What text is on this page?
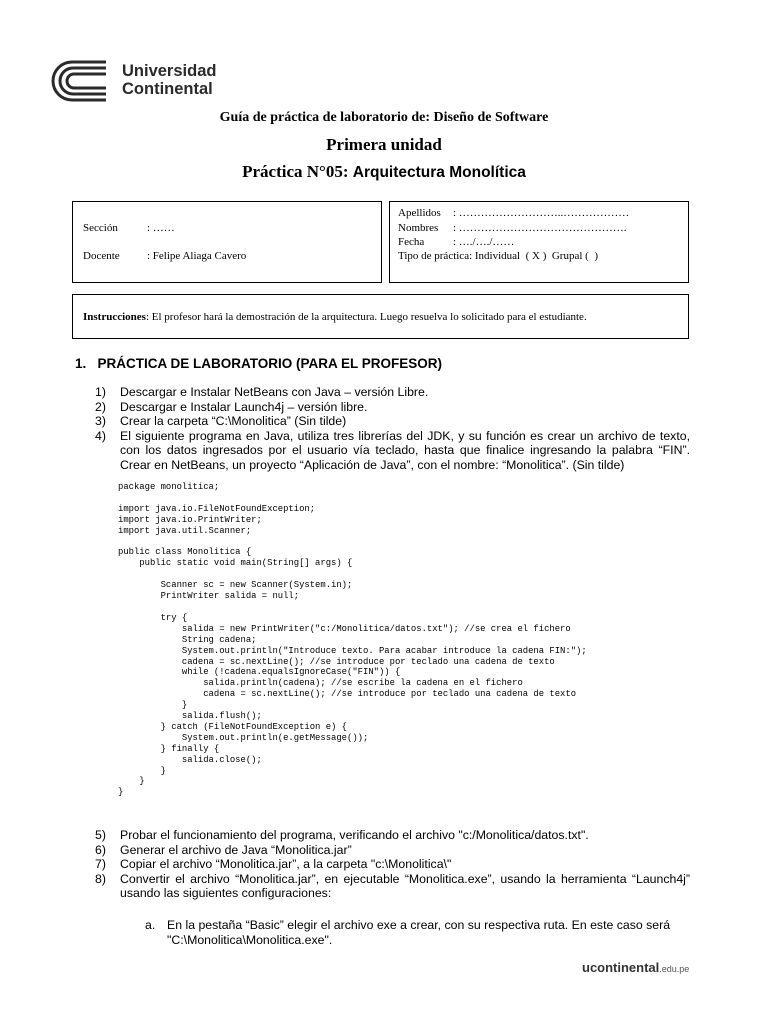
Universidad
Continental
Guía de práctica de laboratorio de: Diseño de Software
Primera unidad
Práctica N°05: Arquitectura Monolítica
Sección	: ……
Docente : Felipe Aliaga Cavero
Apellidos : ………………………..………………
Nombres : ……………………………………….
Fecha	: …./…./……
Tipo de práctica: Individual  ( X )  Grupal (  )
Instrucciones: El profesor hará la demostración de la arquitectura. Luego resuelva lo solicitado para el estudiante.
1.   PRÁCTICA DE LABORATORIO (PARA EL PROFESOR)
1) Descargar e Instalar NetBeans con Java – versión Libre.
2) Descargar e Instalar Launch4j – versión libre.
3) Crear la carpeta “C:\Monolitica” (Sin tilde)
4) El siguiente programa en Java, utiliza tres librerías del JDK, y su función es crear un archivo de texto, con los datos ingresados por el usuario vía teclado, hasta que finalice ingresando la palabra “FIN”. Crear en NetBeans, un proyecto “Aplicación de Java”, con el nombre: “Monolitica”. (Sin tilde)
package monolitica;

import java.io.FileNotFoundException;
import java.io.PrintWriter;
import java.util.Scanner;

public class Monolitica {
public static void main(String[] args) {

Scanner sc = new Scanner(System.in);
PrintWriter salida = null;

try {
salida = new PrintWriter("c:/Monolitica/datos.txt"); //se crea el fichero
String cadena;
System.out.println("Introduce texto. Para acabar introduce la cadena FIN:");
cadena = sc.nextLine(); //se introduce por teclado una cadena de texto
while (!cadena.equalsIgnoreCase("FIN")) {
salida.println(cadena); //se escribe la cadena en el fichero
cadena = sc.nextLine(); //se introduce por teclado una cadena de texto
}
salida.flush();
} catch (FileNotFoundException e) {
System.out.println(e.getMessage());
} finally {
salida.close();
}
}
}
5) Probar el funcionamiento del programa, verificando el archivo "c:/Monolitica/datos.txt".
6) Generar el archivo de Java “Monolitica.jar”
7) Copiar el archivo “Monolitica.jar”, a la carpeta "c:\Monolitica\"
8) Convertir el archivo “Monolitica.jar”, en ejecutable “Monolitica.exe”, usando la herramienta “Launch4j” usando las siguientes configuraciones:
a. En la pestaña “Basic” elegir el archivo exe a crear, con su respectiva ruta. En este caso será "C:\Monolitica\Monolitica.exe".
ucontinental.edu.pe
